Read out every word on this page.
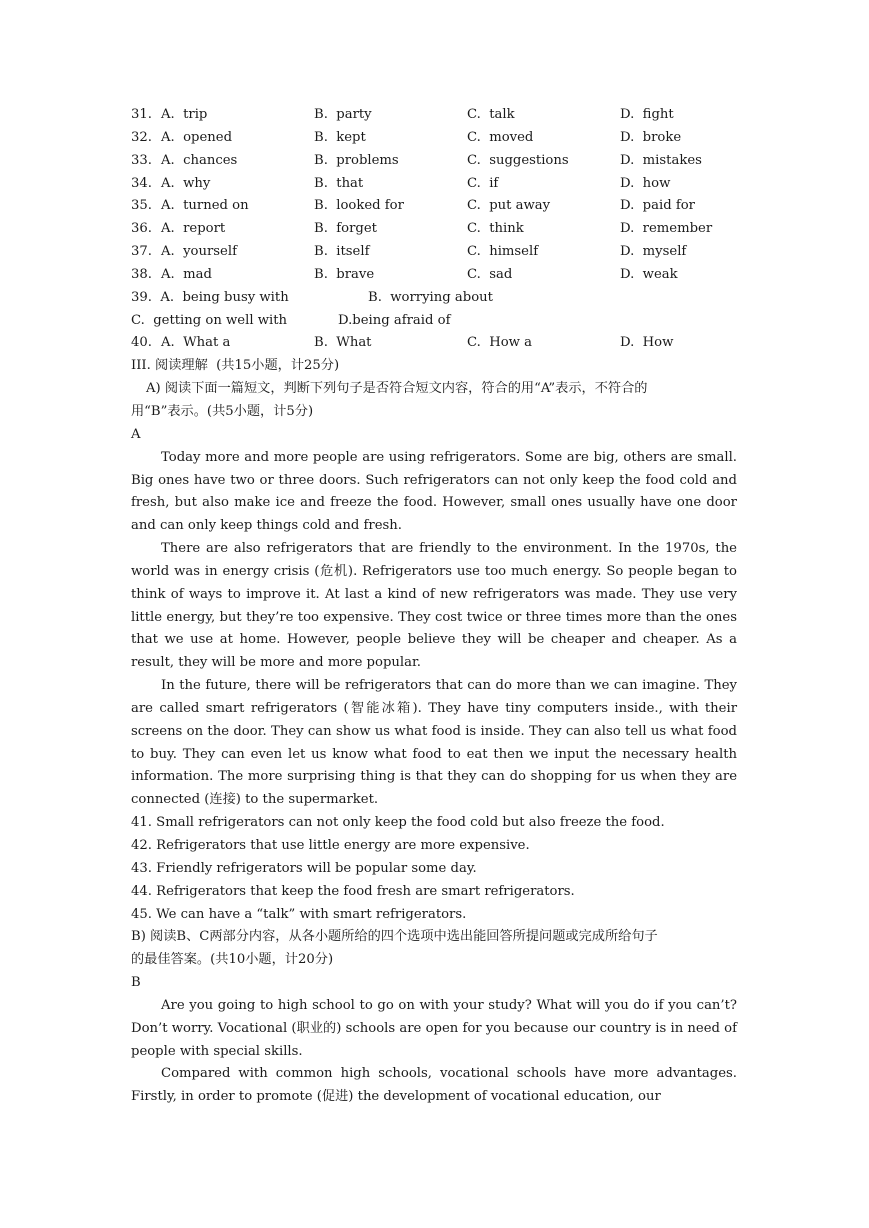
31. A.  trip	B.  party	C.  talk	D.  fight
32. A.  opened	B.  kept	C.  moved	D.  broke
33. A.  chances	B.  problems	C.  suggestions	D.  mistakes
34. A.  why	B.  that	C.  if	D.  how
35. A.  turned on	B.  looked for	C.  put away	D.  paid for
36. A.  report	B.  forget	C.  think	D.  remember
37. A.  yourself	B.  itself	C.  himself	D.  myself
38. A.  mad	B.  brave	C.  sad	D.  weak
39.  A.  being busy with	B.  worrying about
C.  getting on well with	D.being afraid of
40. A.  What a	B.  What	C.  How a	D.  How
III. 阅读理解  (共15小题，计25分)
A) 阅读下面一篇短文，判断下列句子是否符合短文内容，符合的用“A”表示，不符合的
用“B”表示。(共5小题，计5分)
A

Today more and more people are using refrigerators. Some are big, others are small. Big ones have two or three doors. Such refrigerators can not only keep the food cold and fresh, but also make ice and freeze the food. However, small ones usually have one door and can only keep things cold and fresh.

There are also refrigerators that are friendly to the environment. In the 1970s, the world was in energy crisis (危机). Refrigerators use too much energy. So people began to think of ways to improve it. At last a kind of new refrigerators was made. They use very little energy, but they’re too expensive. They cost twice or three times more than the ones that we use at home. However, people believe they will be cheaper and cheaper. As a result, they will be more and more popular.

In the future, there will be refrigerators that can do more than we can imagine. They are called smart refrigerators (智能冰箱). They have tiny computers inside., with their screens on the door. They can show us what food is inside. They can also tell us what food to buy. They can even let us know what food to eat then we input the necessary health information. The more surprising thing is that they can do shopping for us when they are connected (连接) to the supermarket.

41. Small refrigerators can not only keep the food cold but also freeze the food.
42. Refrigerators that use little energy are more expensive.
43. Friendly refrigerators will be popular some day.
44. Refrigerators that keep the food fresh are smart refrigerators.
45. We can have a “talk” with smart refrigerators.
B) 阅读B、C两部分内容，从各小题所给的四个选项中选出能回答所提问题或完成所给句子
的最佳答案。(共10小题，计20分)
B

Are you going to high school to go on with your study? What will you do if you can’t? Don’t worry. Vocational (职业的) schools are open for you because our country is in need of people with special skills.

Compared with common high schools, vocational schools have more advantages. Firstly, in order to promote (促进) the development of vocational education, our
